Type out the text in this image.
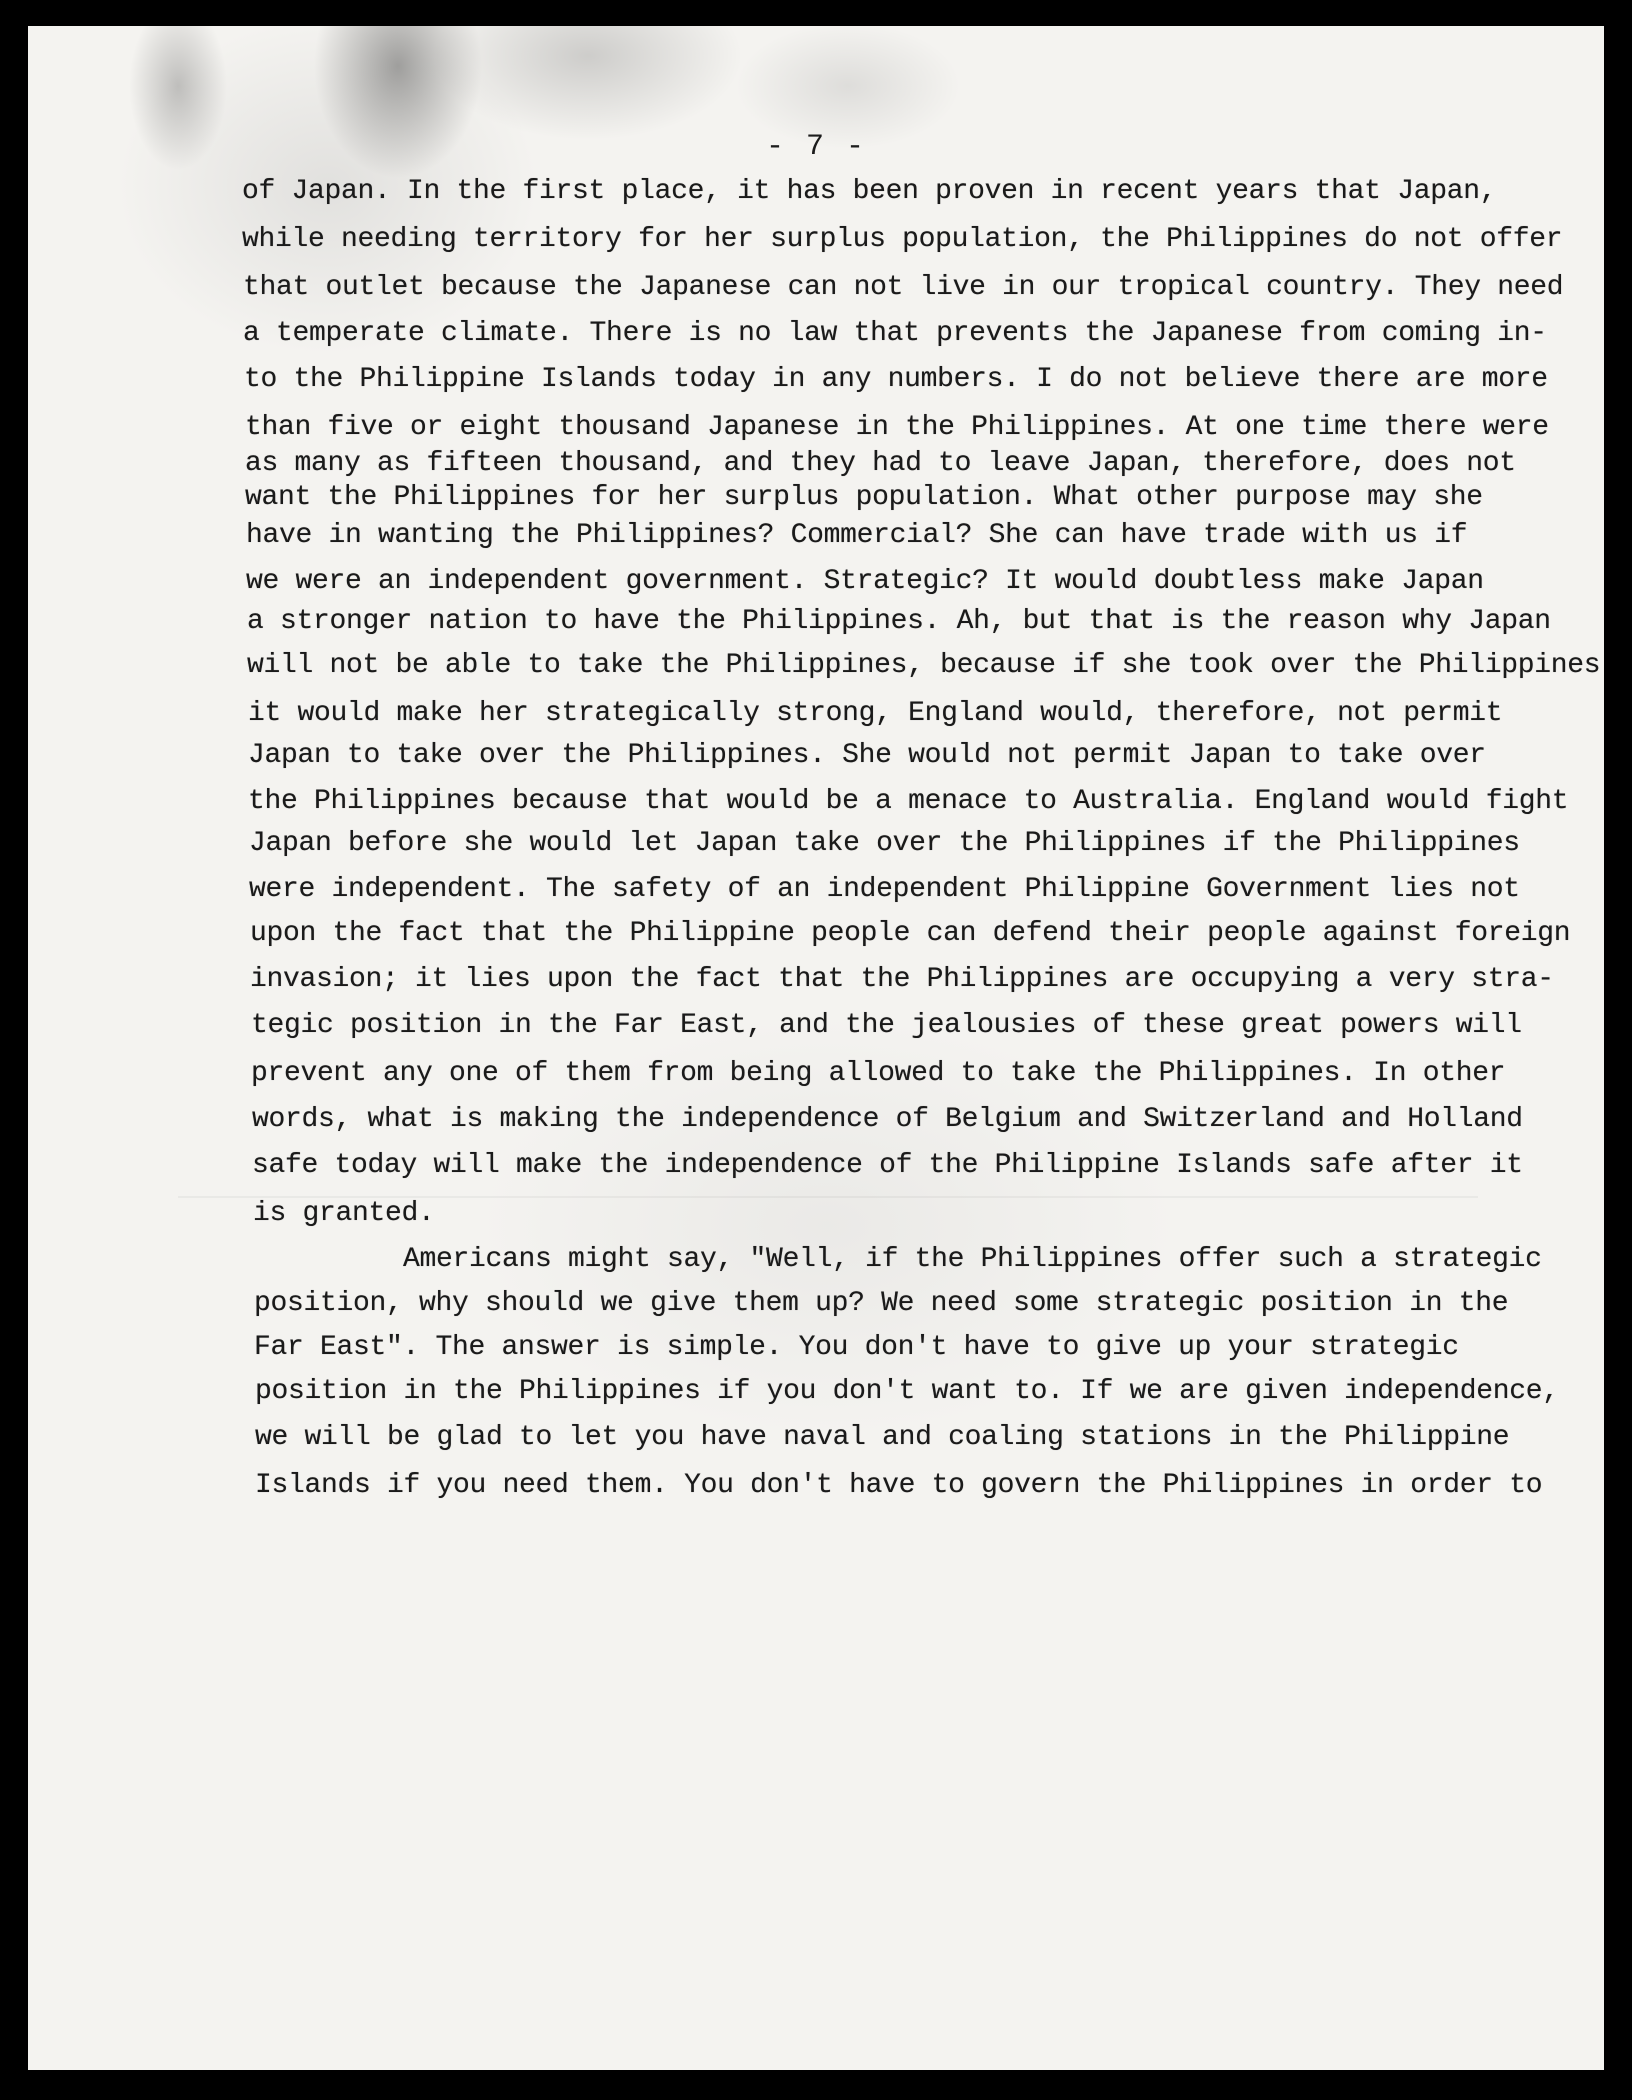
- 7 -
of Japan. In the first place, it has been proven in recent years that Japan,
while needing territory for her surplus population, the Philippines do not offer
that outlet because the Japanese can not live in our tropical country. They need
a temperate climate. There is no law that prevents the Japanese from coming in-
to the Philippine Islands today in any numbers. I do not believe there are more
than five or eight thousand Japanese in the Philippines. At one time there were
as many as fifteen thousand, and they had to leave Japan, therefore, does not
want the Philippines for her surplus population. What other purpose may she
have in wanting the Philippines? Commercial? She can have trade with us if
we were an independent government. Strategic? It would doubtless make Japan
a stronger nation to have the Philippines. Ah, but that is the reason why Japan
will not be able to take the Philippines, because if she took over the Philippines
it would make her strategically strong, England would, therefore, not permit
Japan to take over the Philippines. She would not permit Japan to take over
the Philippines because that would be a menace to Australia. England would fight
Japan before she would let Japan take over the Philippines if the Philippines
were independent. The safety of an independent Philippine Government lies not
upon the fact that the Philippine people can defend their people against foreign
invasion; it lies upon the fact that the Philippines are occupying a very stra-
tegic position in the Far East, and the jealousies of these great powers will
prevent any one of them from being allowed to take the Philippines. In other
words, what is making the independence of Belgium and Switzerland and Holland
safe today will make the independence of the Philippine Islands safe after it
is granted.
Americans might say, "Well, if the Philippines offer such a strategic
position, why should we give them up? We need some strategic position in the
Far East". The answer is simple. You don't have to give up your strategic
position in the Philippines if you don't want to. If we are given independence,
we will be glad to let you have naval and coaling stations in the Philippine
Islands if you need them. You don't have to govern the Philippines in order to
